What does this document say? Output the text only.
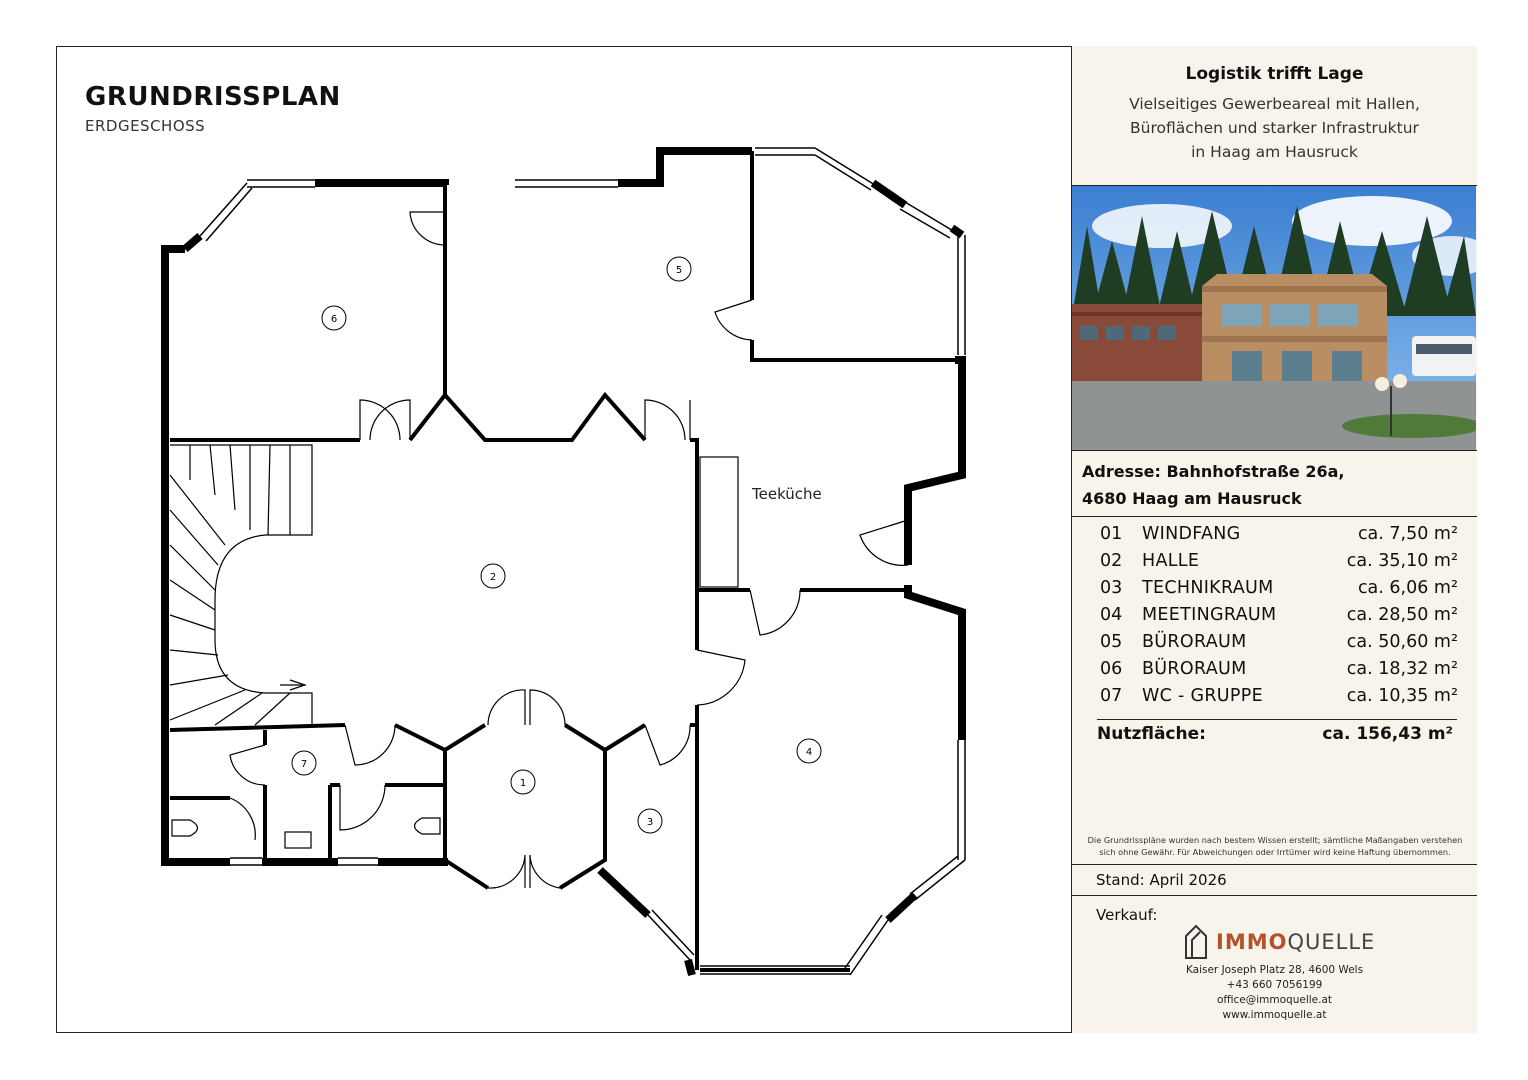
1
2
3
4
5
6
7
Teeküche
GRUNDRISSPLAN
ERDGESCHOSS
Logistik trifft Lage
Vielseitiges Gewerbeareal mit Hallen,
Büroflächen und starker Infrastruktur
in Haag am Hausruck
Adresse: Bahnhofstraße 26a,
4680 Haag am Hausruck
01 WINDFANG	ca. 7,50 m²
02 HALLE	ca. 35,10 m²
03 TECHNIKRAUM	ca. 6,06 m²
04 MEETINGRAUM	ca. 28,50 m²
05 BÜRORAUM	ca. 50,60 m²
06 BÜRORAUM	ca. 18,32 m²
07 WC - GRUPPE	ca. 10,35 m²
Nutzfläche:	ca. 156,43 m²
Die Grundrisspläne wurden nach bestem Wissen erstellt; sämtliche Maßangaben verstehen
sich ohne Gewähr. Für Abweichungen oder Irrtümer wird keine Haftung übernommen.
Stand: April 2026
Verkauf:
IMMOQUELLE
Kaiser Joseph Platz 28, 4600 Wels
+43 660 7056199
office@immoquelle.at
www.immoquelle.at
